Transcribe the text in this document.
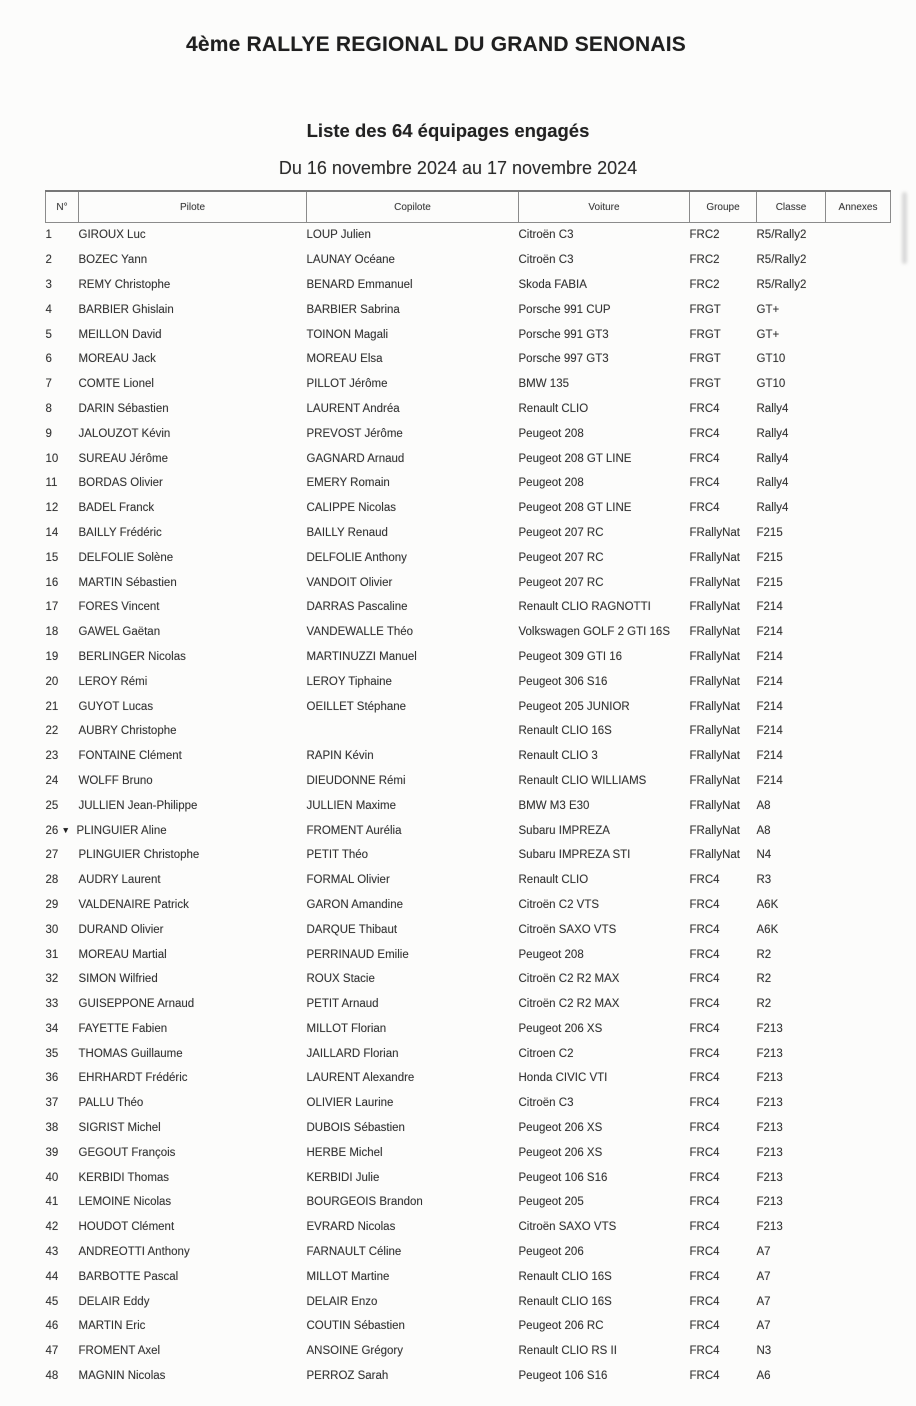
4ème RALLYE REGIONAL DU GRAND SENONAIS
Liste des 64 équipages engagés
Du 16 novembre 2024 au 17 novembre 2024
N°	Pilote	Copilote	Voiture	Groupe	Classe	Annexes
1	GIROUX Luc	LOUP Julien	Citroën C3	FRC2	R5/Rally2	
2	BOZEC Yann	LAUNAY Océane	Citroën C3	FRC2	R5/Rally2	
3	REMY Christophe	BENARD Emmanuel	Skoda FABIA	FRC2	R5/Rally2	
4	BARBIER Ghislain	BARBIER Sabrina	Porsche 991 CUP	FRGT	GT+	
5	MEILLON David	TOINON Magali	Porsche 991 GT3	FRGT	GT+	
6	MOREAU Jack	MOREAU Elsa	Porsche 997 GT3	FRGT	GT10	
7	COMTE Lionel	PILLOT Jérôme	BMW 135	FRGT	GT10	
8	DARIN Sébastien	LAURENT Andréa	Renault CLIO	FRC4	Rally4	
9	JALOUZOT Kévin	PREVOST Jérôme	Peugeot 208	FRC4	Rally4	
10	SUREAU Jérôme	GAGNARD Arnaud	Peugeot 208 GT LINE	FRC4	Rally4	
11	BORDAS Olivier	EMERY Romain	Peugeot 208	FRC4	Rally4	
12	BADEL Franck	CALIPPE Nicolas	Peugeot 208 GT LINE	FRC4	Rally4	
14	BAILLY Frédéric	BAILLY Renaud	Peugeot 207 RC	FRallyNat	F215	
15	DELFOLIE Solène	DELFOLIE Anthony	Peugeot 207 RC	FRallyNat	F215	
16	MARTIN Sébastien	VANDOIT Olivier	Peugeot 207 RC	FRallyNat	F215	
17	FORES Vincent	DARRAS Pascaline	Renault CLIO RAGNOTTI	FRallyNat	F214	
18	GAWEL Gaëtan	VANDEWALLE Théo	Volkswagen GOLF 2 GTI 16S	FRallyNat	F214	
19	BERLINGER Nicolas	MARTINUZZI Manuel	Peugeot 309 GTI 16	FRallyNat	F214	
20	LEROY Rémi	LEROY Tiphaine	Peugeot 306 S16	FRallyNat	F214	
21	GUYOT Lucas	OEILLET Stéphane	Peugeot 205 JUNIOR	FRallyNat	F214	
22	AUBRY Christophe		Renault CLIO 16S	FRallyNat	F214	
23	FONTAINE Clément	RAPIN Kévin	Renault CLIO 3	FRallyNat	F214	
24	WOLFF Bruno	DIEUDONNE Rémi	Renault CLIO WILLIAMS	FRallyNat	F214	
25	JULLIEN Jean-Philippe	JULLIEN Maxime	BMW M3 E30	FRallyNat	A8	
26	▼ PLINGUIER Aline	FROMENT Aurélia	Subaru IMPREZA	FRallyNat	A8	
27	PLINGUIER Christophe	PETIT Théo	Subaru IMPREZA STI	FRallyNat	N4	
28	AUDRY Laurent	FORMAL Olivier	Renault CLIO	FRC4	R3	
29	VALDENAIRE Patrick	GARON Amandine	Citroën C2 VTS	FRC4	A6K	
30	DURAND Olivier	DARQUE Thibaut	Citroën SAXO VTS	FRC4	A6K	
31	MOREAU Martial	PERRINAUD Emilie	Peugeot 208	FRC4	R2	
32	SIMON Wilfried	ROUX Stacie	Citroën C2 R2 MAX	FRC4	R2	
33	GUISEPPONE Arnaud	PETIT Arnaud	Citroën C2 R2 MAX	FRC4	R2	
34	FAYETTE Fabien	MILLOT Florian	Peugeot 206 XS	FRC4	F213	
35	THOMAS Guillaume	JAILLARD Florian	Citroen C2	FRC4	F213	
36	EHRHARDT Frédéric	LAURENT Alexandre	Honda CIVIC VTI	FRC4	F213	
37	PALLU Théo	OLIVIER Laurine	Citroën C3	FRC4	F213	
38	SIGRIST Michel	DUBOIS Sébastien	Peugeot 206 XS	FRC4	F213	
39	GEGOUT François	HERBE Michel	Peugeot 206 XS	FRC4	F213	
40	KERBIDI Thomas	KERBIDI Julie	Peugeot 106 S16	FRC4	F213	
41	LEMOINE Nicolas	BOURGEOIS Brandon	Peugeot 205	FRC4	F213	
42	HOUDOT Clément	EVRARD Nicolas	Citroën SAXO VTS	FRC4	F213	
43	ANDREOTTI Anthony	FARNAULT Céline	Peugeot 206	FRC4	A7	
44	BARBOTTE Pascal	MILLOT Martine	Renault CLIO 16S	FRC4	A7	
45	DELAIR Eddy	DELAIR Enzo	Renault CLIO 16S	FRC4	A7	
46	MARTIN Eric	COUTIN Sébastien	Peugeot 206 RC	FRC4	A7	
47	FROMENT Axel	ANSOINE Grégory	Renault CLIO RS II	FRC4	N3	
48	MAGNIN Nicolas	PERROZ Sarah	Peugeot 106 S16	FRC4	A6	
